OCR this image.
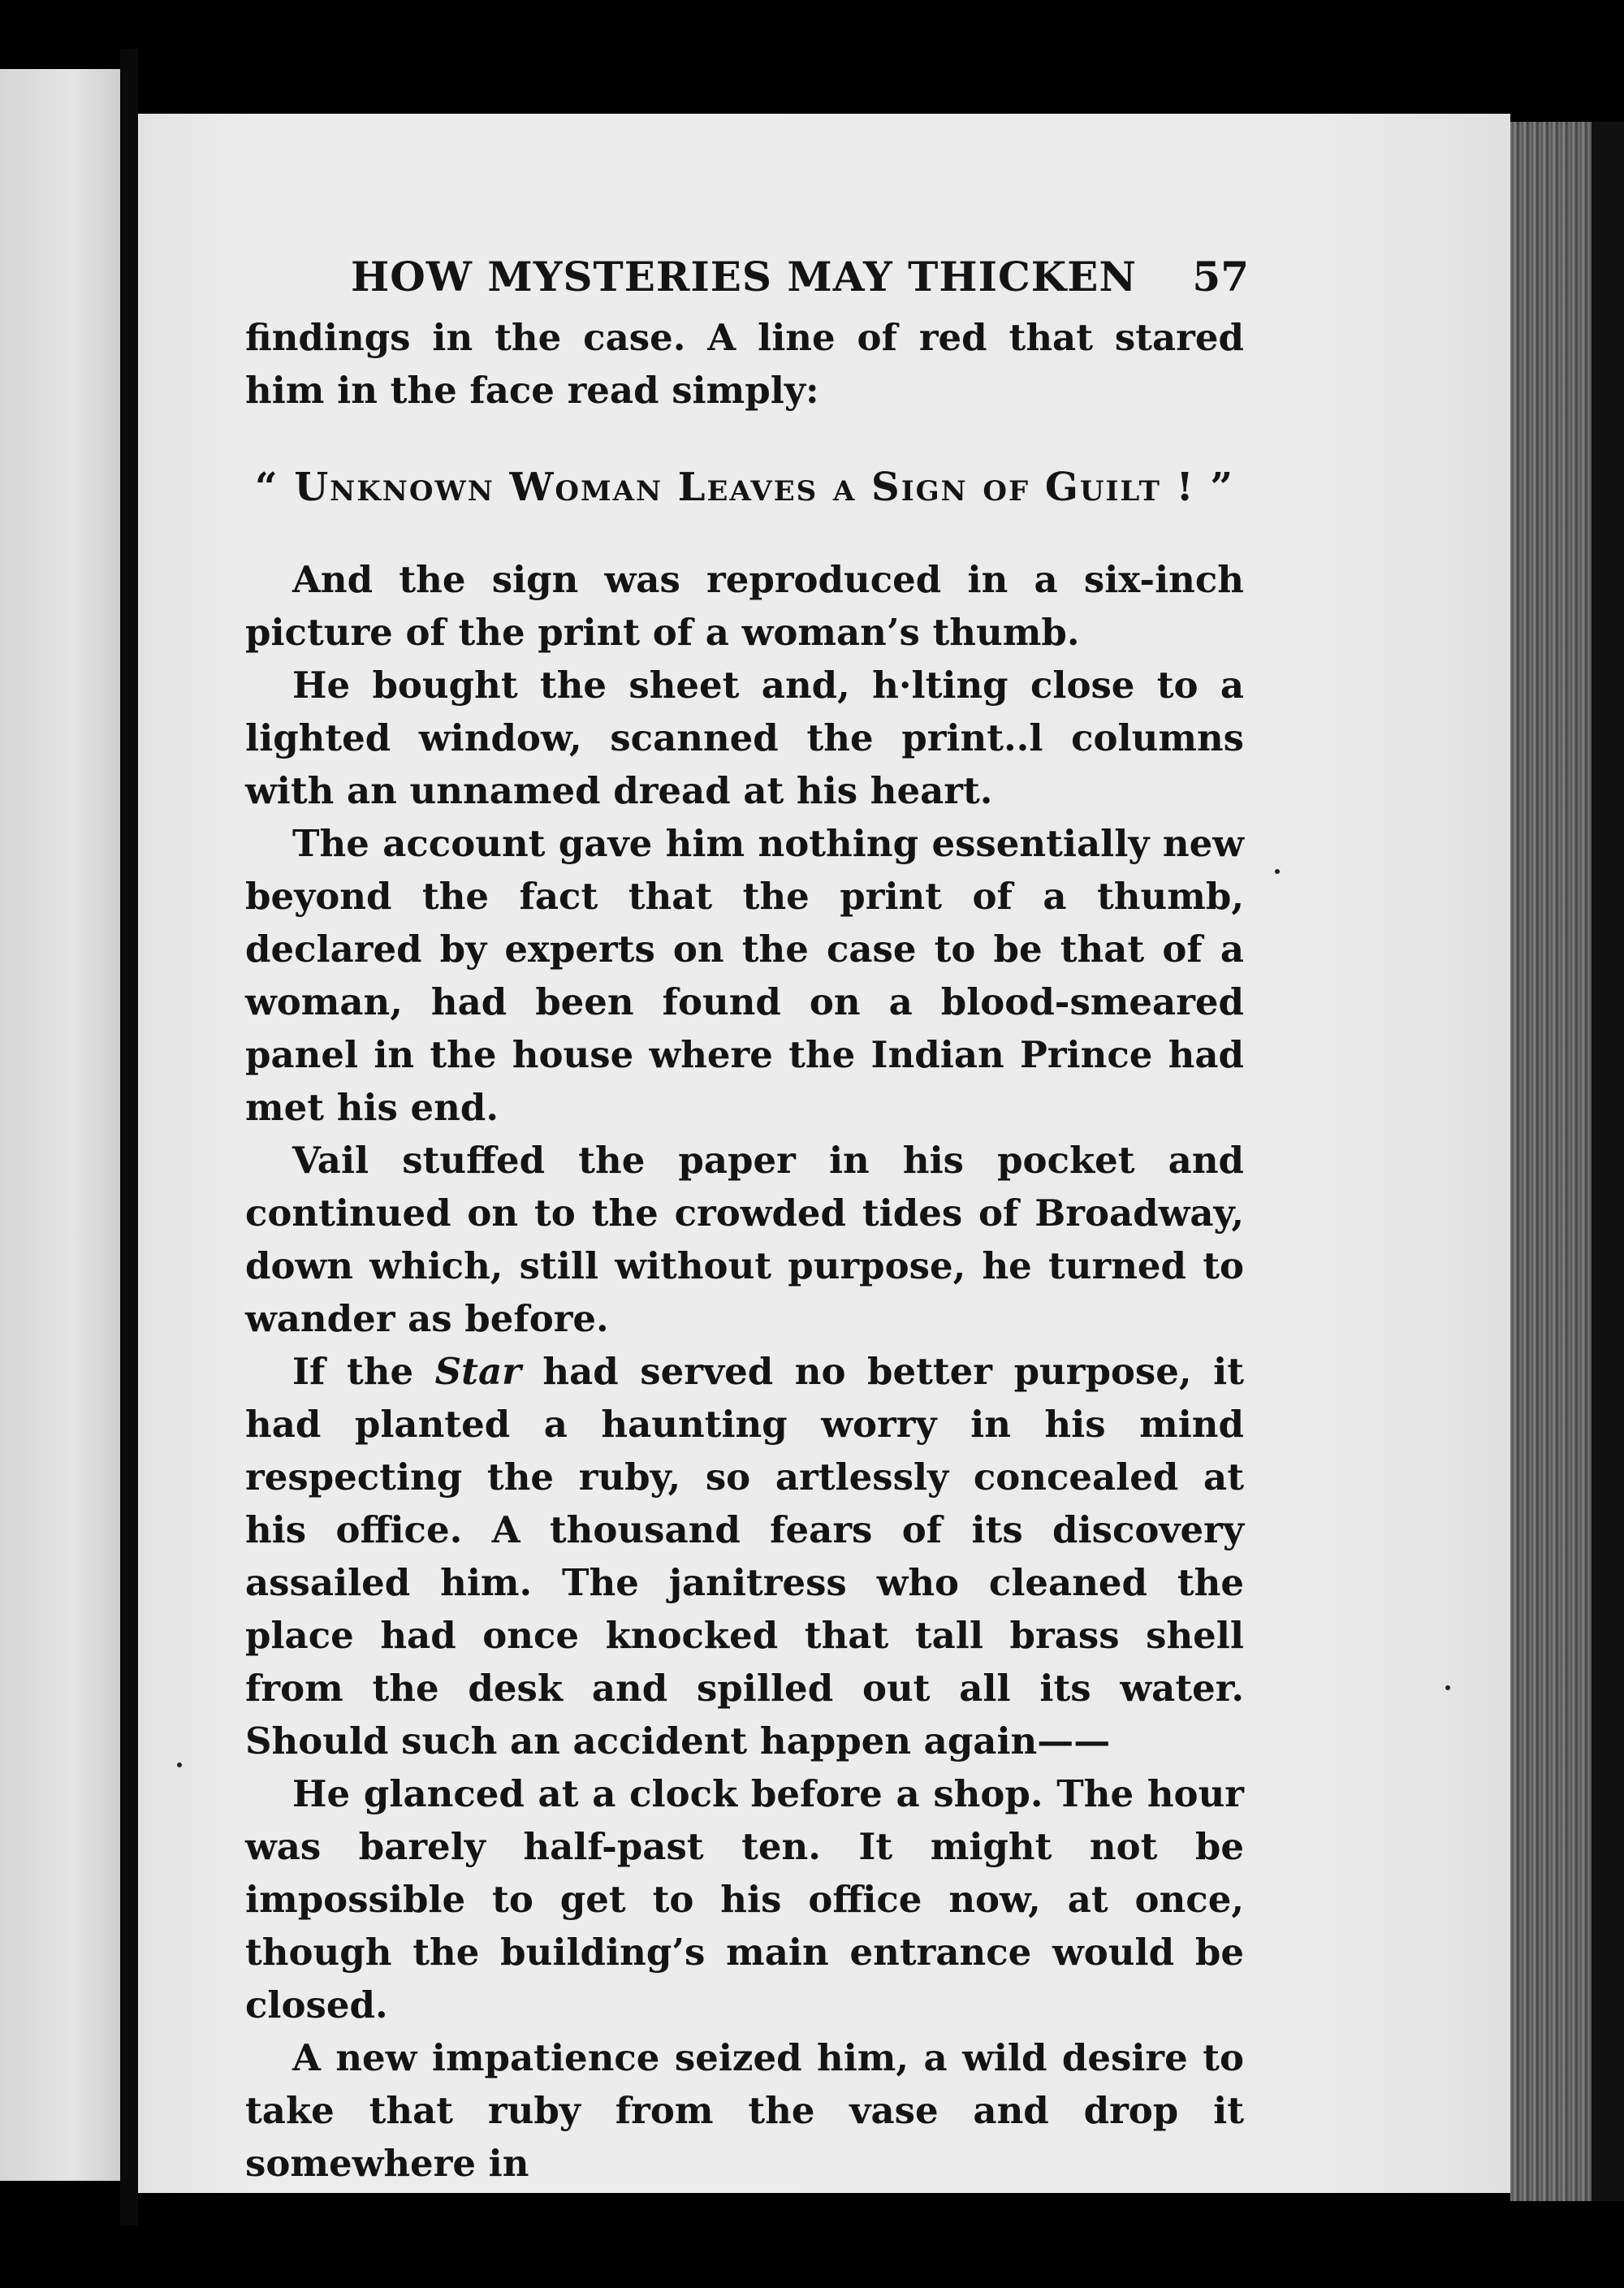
HOW MYSTERIES MAY THICKEN 57

findings in the case. A line of red that stared him in the face read simply:

“ Unknown Woman Leaves a Sign of Guilt ! ”

And the sign was reproduced in a six-inch picture of the print of a woman’s thumb.

He bought the sheet and, h·lting close to a lighted window, scanned the print..l columns with an unnamed dread at his heart.

The account gave him nothing essentially new beyond the fact that the print of a thumb, declared by experts on the case to be that of a woman, had been found on a blood-smeared panel in the house where the Indian Prince had met his end.

Vail stuffed the paper in his pocket and continued on to the crowded tides of Broadway, down which, still without purpose, he turned to wander as before.

If the Star had served no better purpose, it had planted a haunting worry in his mind respecting the ruby, so artlessly concealed at his office. A thousand fears of its discovery assailed him. The janitress who cleaned the place had once knocked that tall brass shell from the desk and spilled out all its water. Should such an accident happen again——

He glanced at a clock before a shop. The hour was barely half-past ten. It might not be impossible to get to his office now, at once, though the building’s main entrance would be closed.

A new impatience seized him, a wild desire to take that ruby from the vase and drop it somewhere in
